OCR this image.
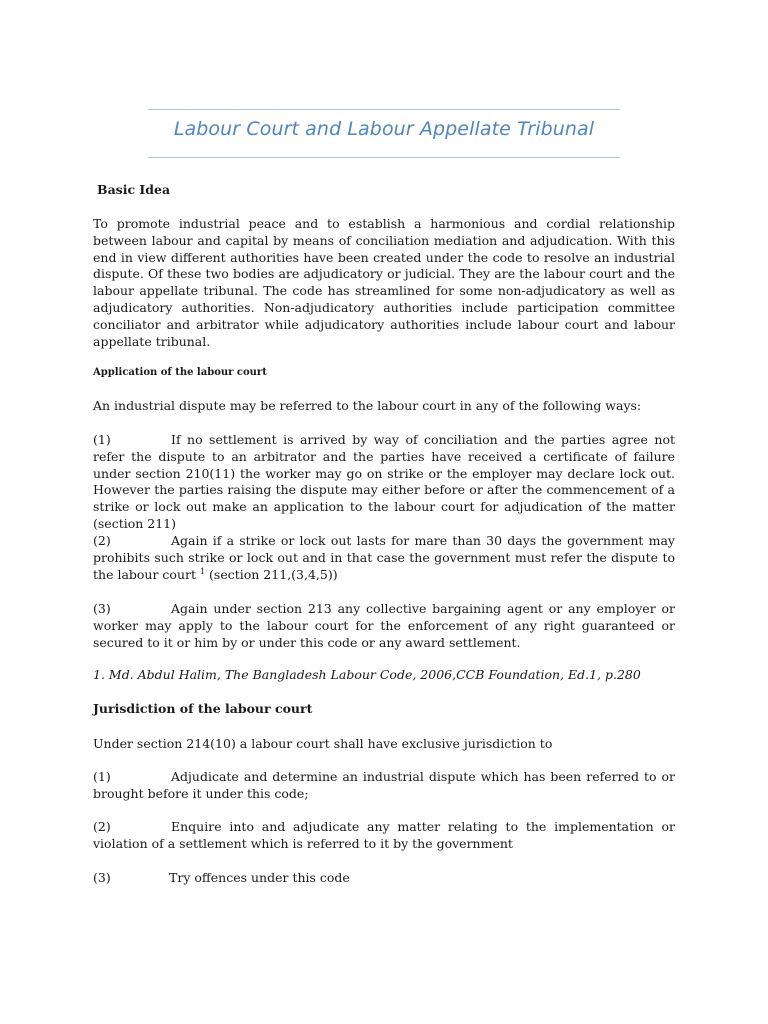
Labour Court and Labour Appellate Tribunal

Basic Idea

To promote industrial peace and to establish a harmonious and cordial relationship between labour and capital by means of conciliation mediation and adjudication. With this end in view different authorities have been created under the code to resolve an industrial dispute. Of these two bodies are adjudicatory or judicial. They are the labour court and the labour appellate tribunal. The code has streamlined for some non-adjudicatory as well as adjudicatory authorities. Non-adjudicatory authorities include participation committee conciliator and arbitrator while adjudicatory authorities include labour court and labour appellate tribunal.

Application of the labour court

An industrial dispute may be referred to the labour court in any of the following ways:

(1)	If no settlement is arrived by way of conciliation and the parties agree not refer the dispute to an arbitrator and the parties have received a certificate of failure under section 210(11) the worker may go on strike or the employer may declare lock out. However the parties raising the dispute may either before or after the commencement of a strike or lock out make an application to the labour court for adjudication of the matter (section 211)

(2)	Again if a strike or lock out lasts for mare than 30 days the government may prohibits such strike or lock out and in that case the government must refer the dispute to the labour court $^1$ (section 211,(3,4,5))

(3)	Again under section 213 any collective bargaining agent or any employer or worker may apply to the labour court for the enforcement of any right guaranteed or secured to it or him by or under this code or any award settlement.

1. Md. Abdul Halim, The Bangladesh Labour Code, 2006,CCB Foundation, Ed.1, p.280

Jurisdiction of the labour court

Under section 214(10) a labour court shall have exclusive jurisdiction to

(1)	Adjudicate and determine an industrial dispute which has been referred to or brought before it under this code;

(2)	Enquire into and adjudicate any matter relating to the implementation or violation of a settlement which is referred to it by the government

(3)	Try offences under this code
